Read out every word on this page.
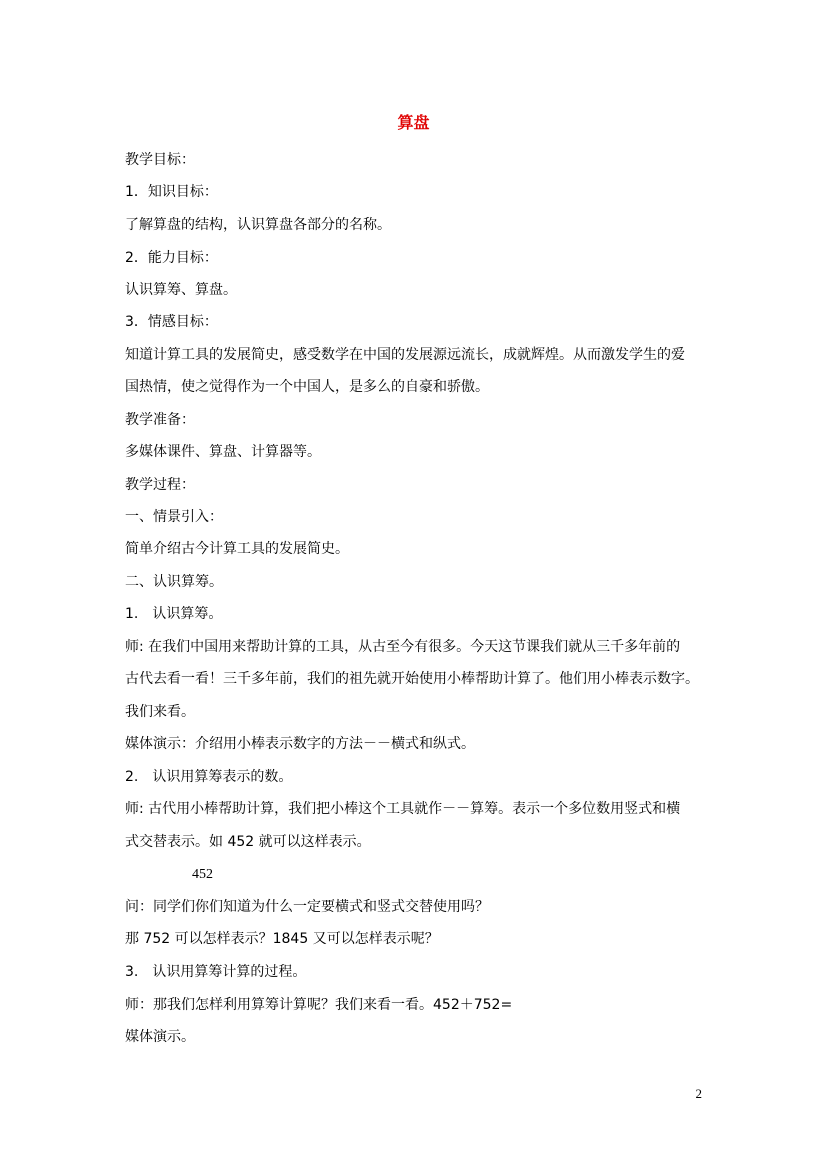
算盘
教学目标：
1．知识目标：
了解算盘的结构，认识算盘各部分的名称。
2．能力目标：
认识算筹、算盘。
3．情感目标：
知道计算工具的发展简史，感受数学在中国的发展源远流长，成就辉煌。从而激发学生的爱
国热情，使之觉得作为一个中国人，是多么的自豪和骄傲。
教学准备：
多媒体课件、算盘、计算器等。
教学过程：
一、情景引入：
简单介绍古今计算工具的发展简史。
二、认识算筹。
1.　认识算筹。
师: 在我们中国用来帮助计算的工具，从古至今有很多。今天这节课我们就从三千多年前的
古代去看一看！三千多年前，我们的祖先就开始使用小棒帮助计算了。他们用小棒表示数字。
我们来看。
媒体演示：介绍用小棒表示数字的方法－－横式和纵式。
2.　认识用算筹表示的数。
师: 古代用小棒帮助计算，我们把小棒这个工具就作－－算筹。表示一个多位数用竖式和横
式交替表示。如 452 就可以这样表示。
452
问：同学们你们知道为什么一定要横式和竖式交替使用吗？
那 752 可以怎样表示？1845 又可以怎样表示呢？
3.　认识用算筹计算的过程。
师：那我们怎样利用算筹计算呢？我们来看一看。452＋752=
媒体演示。
2
